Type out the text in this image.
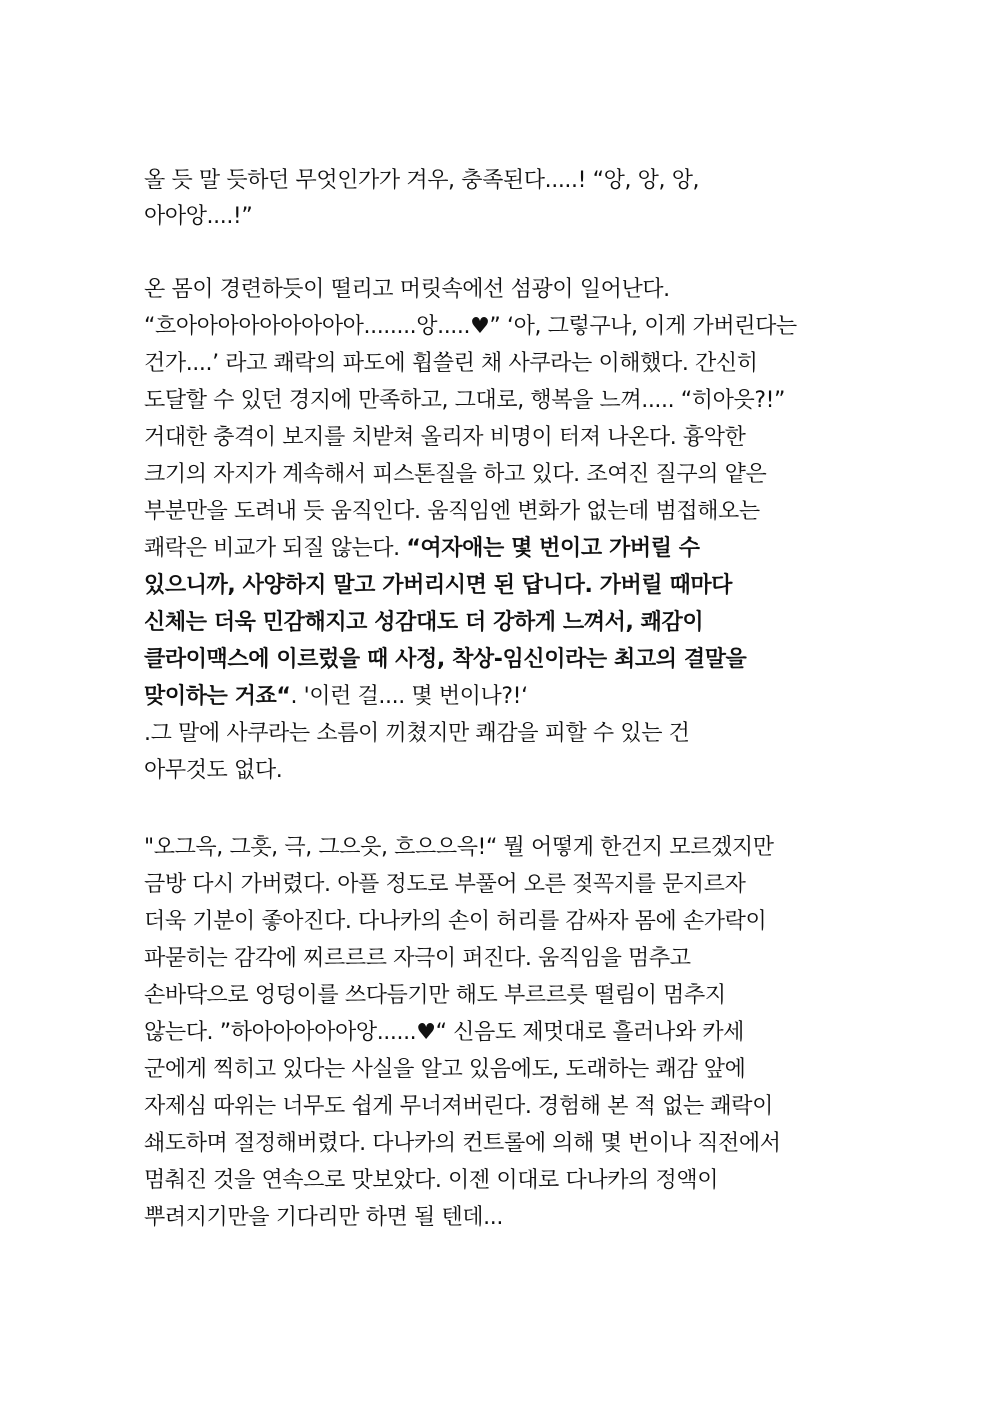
올 듯 말 듯하던 무엇인가가 겨우, 충족된다.....! “앙, 앙, 앙,
아아앙....!”
온 몸이 경련하듯이 떨리고 머릿속에선 섬광이 일어난다.
“흐아아아아아아아아아........앙.....♥” ‘아, 그렇구나, 이게 가버린다는
건가....’ 라고 쾌락의 파도에 휩쓸린 채 사쿠라는 이해했다. 간신히
도달할 수 있던 경지에 만족하고, 그대로, 행복을 느껴..... “히아읏?!”
거대한 충격이 보지를 치받쳐 올리자 비명이 터져 나온다. 흉악한
크기의 자지가 계속해서 피스톤질을 하고 있다. 조여진 질구의 얕은
부분만을 도려내 듯 움직인다. 움직임엔 변화가 없는데 범접해오는
쾌락은 비교가 되질 않는다. “여자애는 몇 번이고 가버릴 수
있으니까, 사양하지 말고 가버리시면 된 답니다. 가버릴 때마다
신체는 더욱 민감해지고 성감대도 더 강하게 느껴서, 쾌감이
클라이맥스에 이르렀을 때 사정, 착상-임신이라는 최고의 결말을
맞이하는 거죠“. '이런 걸.... 몇 번이나?!‘
.그 말에 사쿠라는 소름이 끼쳤지만 쾌감을 피할 수 있는 건
아무것도 없다.
"오그윽, 그흣, 극, 그으읏, 흐으으윽!“ 뭘 어떻게 한건지 모르겠지만
금방 다시 가버렸다. 아플 정도로 부풀어 오른 젖꼭지를 문지르자
더욱 기분이 좋아진다. 다나카의 손이 허리를 감싸자 몸에 손가락이
파묻히는 감각에 찌르르르 자극이 퍼진다. 움직임을 멈추고
손바닥으로 엉덩이를 쓰다듬기만 해도 부르르릇 떨림이 멈추지
않는다. ”하아아아아아앙......♥“ 신음도 제멋대로 흘러나와 카세
군에게 찍히고 있다는 사실을 알고 있음에도, 도래하는 쾌감 앞에
자제심 따위는 너무도 쉽게 무너져버린다. 경험해 본 적 없는 쾌락이
쇄도하며 절정해버렸다. 다나카의 컨트롤에 의해 몇 번이나 직전에서
멈춰진 것을 연속으로 맛보았다. 이젠 이대로 다나카의 정액이
뿌려지기만을 기다리만 하면 될 텐데...
